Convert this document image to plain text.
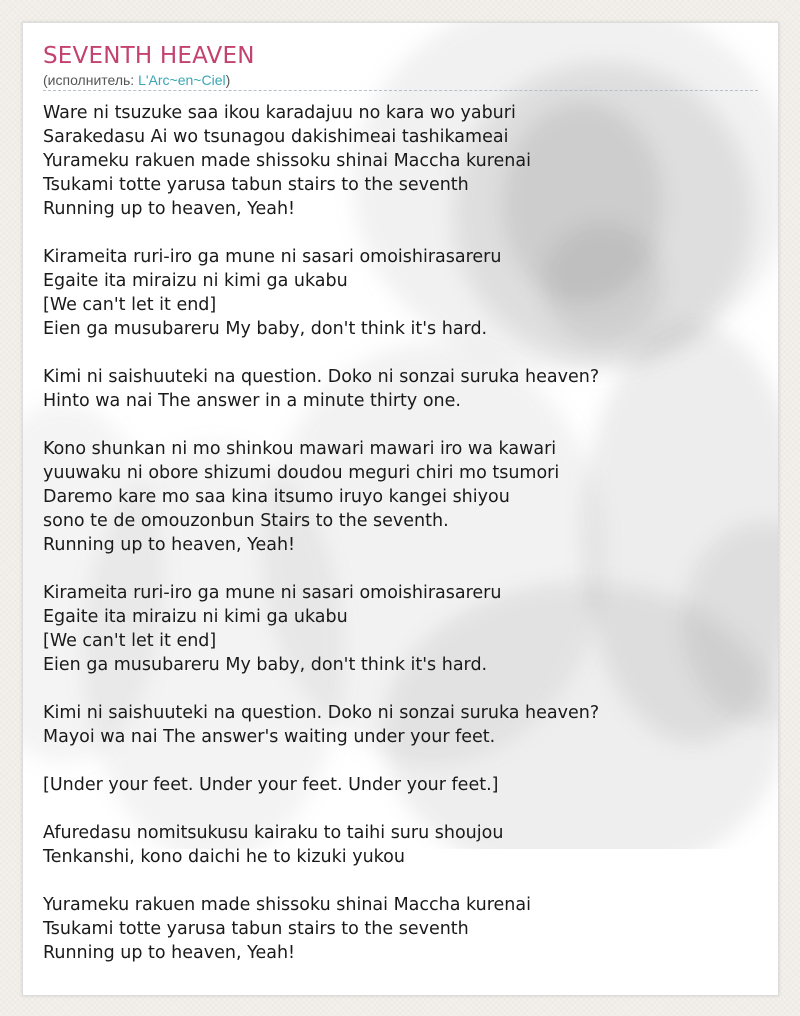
SEVENTH HEAVEN
(исполнитель: L'Arc~en~Ciel)
Ware ni tsuzuke saa ikou karadajuu no kara wo yaburi
Sarakedasu Ai wo tsunagou dakishimeai tashikameai
Yurameku rakuen made shissoku shinai Maccha kurenai
Tsukami totte yarusa tabun stairs to the seventh
Running up to heaven, Yeah!
Kirameita ruri-iro ga mune ni sasari omoishirasareru
Egaite ita miraizu ni kimi ga ukabu
[We can't let it end]
Eien ga musubareru My baby, don't think it's hard.
Kimi ni saishuuteki na question. Doko ni sonzai suruka heaven?
Hinto wa nai The answer in a minute thirty one.
Kono shunkan ni mo shinkou mawari mawari iro wa kawari
yuuwaku ni obore shizumi doudou meguri chiri mo tsumori
Daremo kare mo saa kina itsumo iruyo kangei shiyou
sono te de omouzonbun Stairs to the seventh.
Running up to heaven, Yeah!
Kirameita ruri-iro ga mune ni sasari omoishirasareru
Egaite ita miraizu ni kimi ga ukabu
[We can't let it end]
Eien ga musubareru My baby, don't think it's hard.
Kimi ni saishuuteki na question. Doko ni sonzai suruka heaven?
Mayoi wa nai The answer's waiting under your feet.
[Under your feet. Under your feet. Under your feet.]
Afuredasu nomitsukusu kairaku to taihi suru shoujou
Tenkanshi, kono daichi he to kizuki yukou
Yurameku rakuen made shissoku shinai Maccha kurenai
Tsukami totte yarusa tabun stairs to the seventh
Running up to heaven, Yeah!
